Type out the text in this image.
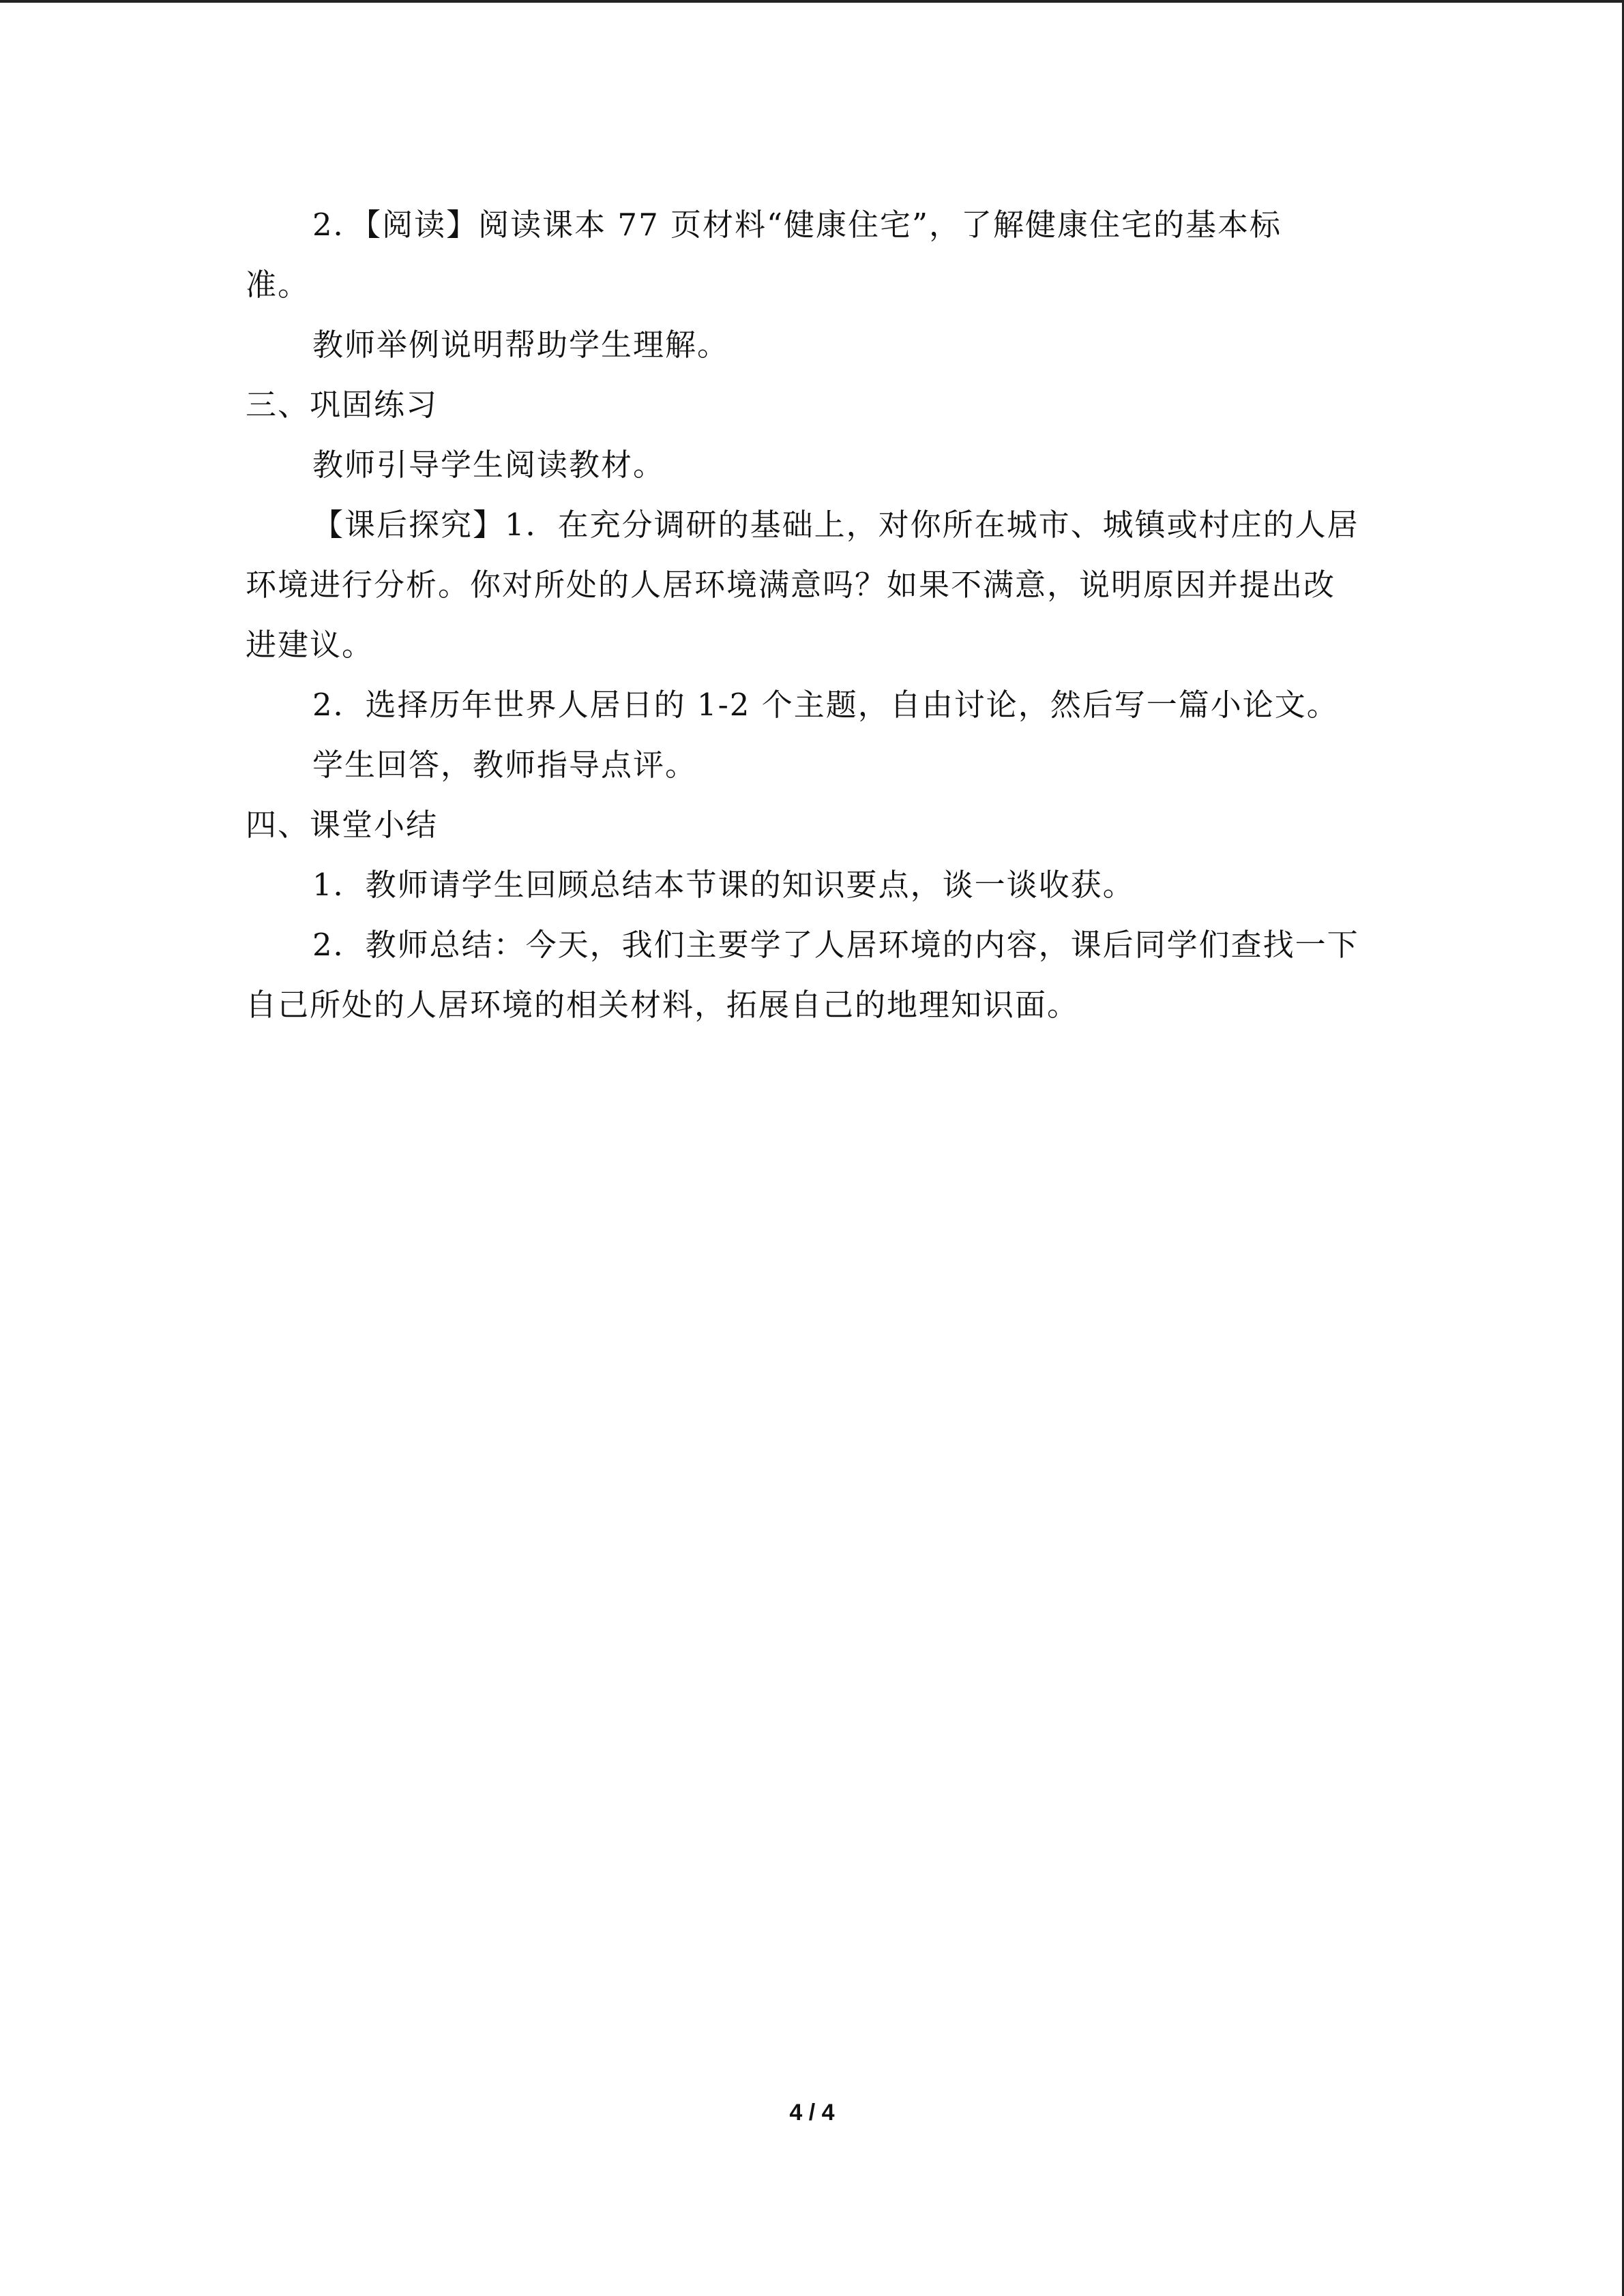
2．【阅读】阅读课本 77 页材料“健康住宅”，了解健康住宅的基本标
准。
教师举例说明帮助学生理解。
三、巩固练习
教师引导学生阅读教材。
【课后探究】1．在充分调研的基础上，对你所在城市、城镇或村庄的人居
环境进行分析。你对所处的人居环境满意吗？如果不满意，说明原因并提出改
进建议。
2．选择历年世界人居日的 1-2 个主题，自由讨论，然后写一篇小论文。
学生回答，教师指导点评。
四、课堂小结
1．教师请学生回顾总结本节课的知识要点，谈一谈收获。
2．教师总结：今天，我们主要学了人居环境的内容，课后同学们查找一下
自己所处的人居环境的相关材料，拓展自己的地理知识面。
4 / 4
